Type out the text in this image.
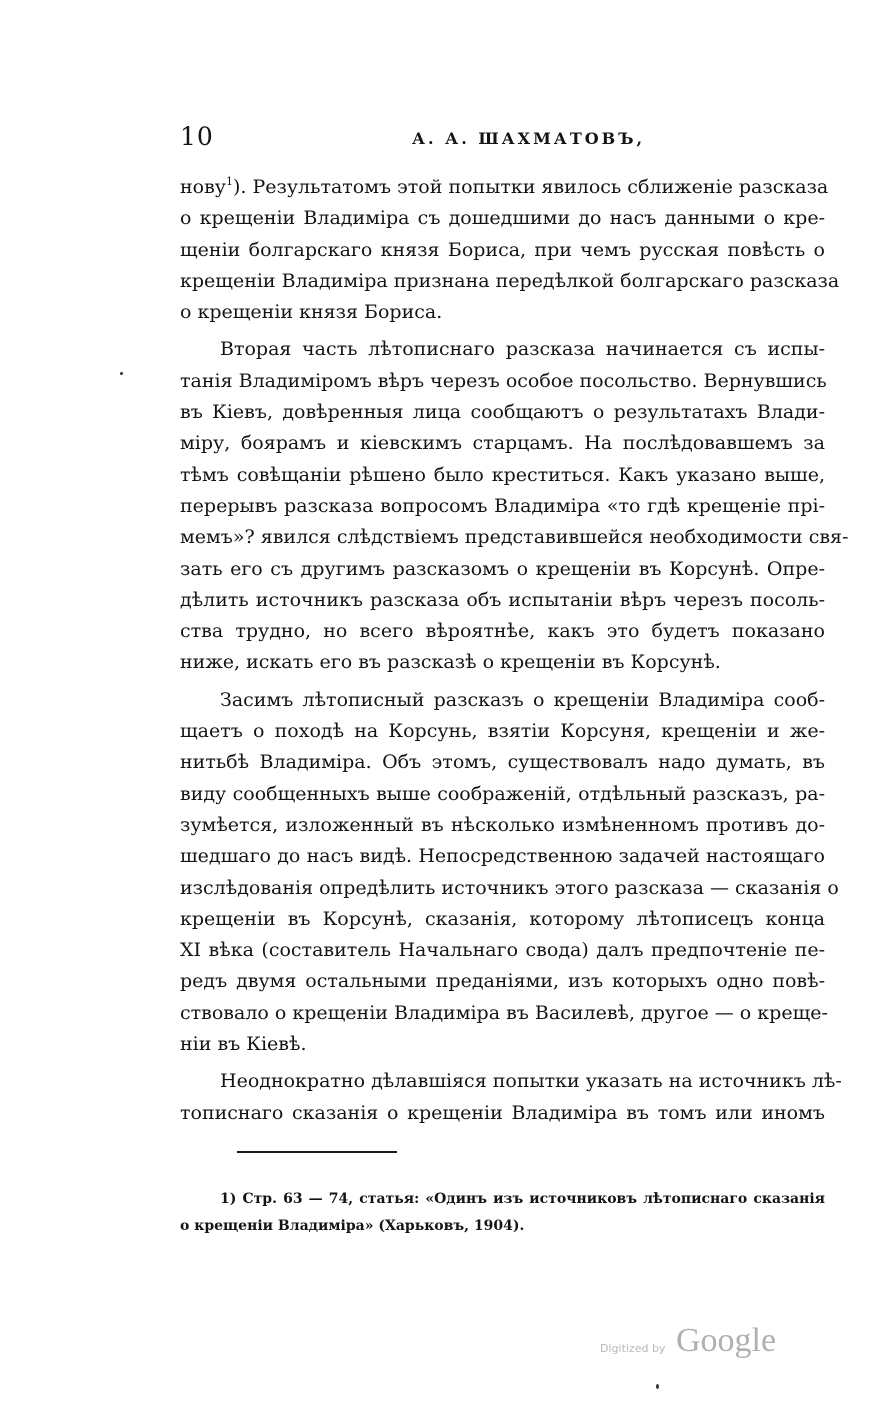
10	А. А. ШАХМАТОВЪ,
нову$^1$). Результатомъ этой попытки явилось сближеніе разсказа
о крещеніи Владиміра съ дошедшими до насъ данными о кре-
щеніи болгарскаго князя Бориса, при чемъ русская повѣсть о
крещеніи Владиміра признана передѣлкой болгарскаго разсказа
о крещеніи князя Бориса.
Вторая часть лѣтописнаго разсказа начинается съ испы-
танія Владиміромъ вѣръ черезъ особое посольство. Вернувшись
въ Кіевъ, довѣренныя лица сообщаютъ о результатахъ Влади-
міру, боярамъ и кіевскимъ старцамъ. На послѣдовавшемъ за
тѣмъ совѣщаніи рѣшено было креститься. Какъ указано выше,
перерывъ разсказа вопросомъ Владиміра «то гдѣ крещеніе прі-
мемъ»? явился слѣдствіемъ представившейся необходимости свя-
зать его съ другимъ разсказомъ о крещеніи въ Корсунѣ. Опре-
дѣлить источникъ разсказа объ испытаніи вѣръ черезъ посоль-
ства трудно, но всего вѣроятнѣе, какъ это будетъ показано
ниже, искать его въ разсказѣ о крещеніи въ Корсунѣ.
Засимъ лѣтописный разсказъ о крещеніи Владиміра сооб-
щаетъ о походѣ на Корсунь, взятіи Корсуня, крещеніи и же-
нитьбѣ Владиміра. Объ этомъ, существовалъ надо думать, въ
виду сообщенныхъ выше соображеній, отдѣльный разсказъ, ра-
зумѣется, изложенный въ нѣсколько измѣненномъ противъ до-
шедшаго до насъ видѣ. Непосредственною задачей настоящаго
изслѣдованія опредѣлить источникъ этого разсказа — сказанія о
крещеніи въ Корсунѣ, сказанія, которому лѣтописецъ конца
XI вѣка (составитель Начальнаго свода) далъ предпочтеніе пе-
редъ двумя остальными преданіями, изъ которыхъ одно повѣ-
ствовало о крещеніи Владиміра въ Василевѣ, другое — о креще-
ніи въ Кіевѣ.
Неоднократно дѣлавшіяся попытки указать на источникъ лѣ-
тописнаго сказанія о крещеніи Владиміра въ томъ или иномъ
1) Стр. 63 — 74, статья: «Одинъ изъ источниковъ лѣтописнаго сказанія
о крещеніи Владиміра» (Харьковъ, 1904).
Digitized by Google
